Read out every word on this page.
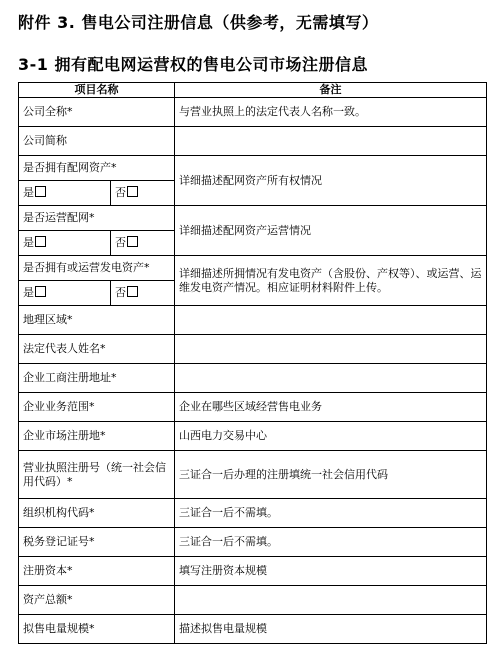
附件 3. 售电公司注册信息（供参考，无需填写）
3-1 拥有配电网运营权的售电公司市场注册信息
项目名称		备注
公司全称*		与营业执照上的法定代表人名称一致。
公司简称		
是否拥有配网资产*		详细描述配网资产所有权情况
是	否	
是否运营配网*		详细描述配网资产运营情况
是	否	
是否拥有或运营发电资产*		详细描述所拥情况有发电资产（含股份、产权等）、或运营、运维发电资产情况。相应证明材料附件上传。
是	否	
地理区域*		
法定代表人姓名*		
企业工商注册地址*		
企业业务范围*		企业在哪些区域经营售电业务
企业市场注册地*		山西电力交易中心
营业执照注册号（统一社会信用代码）*		三证合一后办理的注册填统一社会信用代码
组织机构代码*		三证合一后不需填。
税务登记证号*		三证合一后不需填。
注册资本*		填写注册资本规模
资产总额*		
拟售电量规模*		描述拟售电量规模
